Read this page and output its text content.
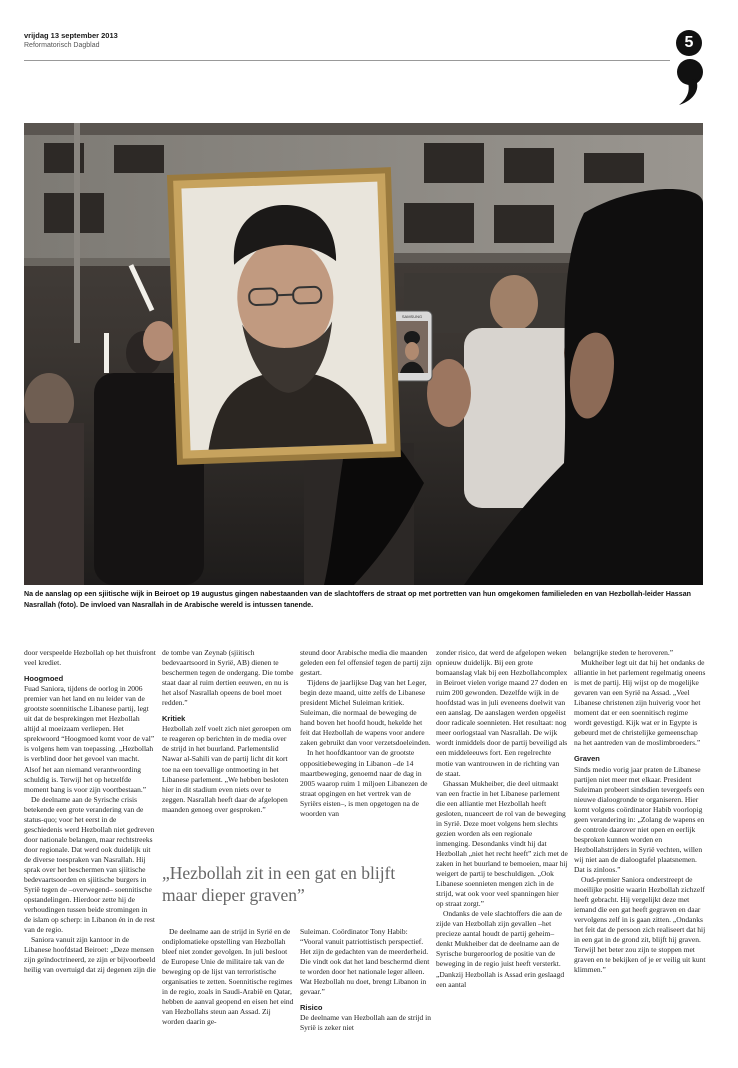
vrijdag 13 september 2013
Reformatorisch Dagblad	5
SAMSUNG
Na de aanslag op een sjiitische wijk in Beiroet op 19 augustus gingen nabestaanden van de slachtoffers de straat op met portretten van hun omgekomen familieleden en van Hezbollah-leider Hassan Nasrallah (foto). De invloed van Nasrallah in de Arabische wereld is intussen tanende.

door verspeelde Hezbollah op het thuisfront veel krediet.

Hoogmoed

Fuad Saniora, tijdens de oorlog in 2006 premier van het land en nu leider van de grootste soennitische Libanese partij, legt uit dat de besprekingen met Hezbollah altijd al moeizaam verliepen. Het sprekwoord “Hoogmoed komt voor de val” is volgens hem van toepassing. „Hezbollah is verblind door het gevoel van macht. Alsof het aan niemand verantwoording schuldig is. Terwijl het op hetzelfde moment bang is voor zijn voortbestaan.”

De deelname aan de Syrische crisis betekende een grote verandering van de status-quo; voor het eerst in de geschiedenis werd Hezbollah niet gedreven door nationale belangen, maar rechtstreeks door regionale. Dat werd ook duidelijk uit de diverse toespraken van Nasrallah. Hij sprak over het beschermen van sjiitische bedevaartsoorden en sjiitische burgers in Syrië tegen de –overwegend– soennitische opstandelingen. Hierdoor zette hij de verhoudingen tussen beide stromingen in de islam op scherp: in Libanon én in de rest van de regio.

Saniora vanuit zijn kantoor in de Libanese hoofdstad Beiroet: „Deze mensen zijn geïndoctrineerd, ze zijn er bijvoorbeeld heilig van overtuigd dat zij degenen zijn die

de tombe van Zeynab (sjiitisch bedevaartsoord in Syrië, AB) dienen te beschermen tegen de ondergang. Die tombe staat daar al ruim dertien eeuwen, en nu is het alsof Nasrallah opeens de boel moet redden.”

Kritiek

Hezbollah zelf voelt zich niet geroepen om te reageren op berichten in de media over de strijd in het buurland. Parlementslid Nawar al-Sahili van de partij licht dit kort toe na een toevallige ontmoeting in het Libanese parlement. „We hebben besloten hier in dit stadium even niets over te zeggen. Nasrallah heeft daar de afgelopen maanden genoeg over gesproken.”

steund door Arabische media die maanden geleden een fel offensief tegen de partij zijn gestart.

Tijdens de jaarlijkse Dag van het Leger, begin deze maand, uitte zelfs de Libanese president Michel Suleiman kritiek. Suleiman, die normaal de beweging de hand boven het hoofd houdt, hekelde het feit dat Hezbollah de wapens voor andere zaken gebruikt dan voor verzetsdoeleinden.

In het hoofdkantoor van de grootste oppositiebeweging in Libanon –de 14 maartbeweging, genoemd naar de dag in 2005 waarop ruim 1 miljoen Libanezen de straat opgingen en het vertrek van de Syriërs eisten–, is men opgetogen na de woorden van

„Hezbollah zit in een gat en blijft maar dieper graven”

De deelname aan de strijd in Syrië en de ondiplomatieke opstelling van Hezbollah bleef niet zonder gevolgen. In juli besloot de Europese Unie de militaire tak van de beweging op de lijst van terroristische organisaties te zetten. Soennitische regimes in de regio, zoals in Saudi-Arabië en Qatar, hebben de aanval geopend en eisen het eind van Hezbollahs steun aan Assad. Zij worden daarin ge-

Suleiman. Coördinator Tony Habib: “Vooral vanuit patriottistisch perspectief. Het zijn de gedachten van de meerderheid. Die vindt ook dat het land beschermd dient te worden door het nationale leger alleen. Wat Hezbollah nu doet, brengt Libanon in gevaar.”

Risico

De deelname van Hezbollah aan de strijd in Syrië is zeker niet

zonder risico, dat werd de afgelopen weken opnieuw duidelijk. Bij een grote bomaanslag vlak bij een Hezbollahcomplex in Beiroet vielen vorige maand 27 doden en ruim 200 gewonden. Dezelfde wijk in de hoofdstad was in juli eveneens doelwit van een aanslag. De aanslagen werden opgeëist door radicale soennieten. Het resultaat: nog meer oorlogstaal van Nasrallah. De wijk wordt inmiddels door de partij beveiligd als een middeleeuws fort. Een regelrechte motie van wantrouwen in de richting van de staat.

Ghassan Mukheiber, die deel uitmaakt van een fractie in het Libanese parlement die een alliantie met Hezbollah heeft gesloten, nuanceert de rol van de beweging in Syrië. Deze moet volgens hem slechts gezien worden als een regionale inmenging. Desondanks vindt hij dat Hezbollah „niet het recht heeft” zich met de zaken in het buurland te bemoeien, maar hij weigert de partij te beschuldigen. „Ook Libanese soennieten mengen zich in de strijd, wat ook voor veel spanningen hier op straat zorgt.”

Ondanks de vele slachtoffers die aan de zijde van Hezbollah zijn gevallen –het precieze aantal houdt de partij geheim– denkt Mukheiber dat de deelname aan de Syrische burgeroorlog de positie van de beweging in de regio juist heeft versterkt. „Dankzij Hezbollah is Assad erin geslaagd een aantal

belangrijke steden te heroveren.”

Mukheiber legt uit dat hij het ondanks de alliantie in het parlement regelmatig oneens is met de partij. Hij wijst op de mogelijke gevaren van een Syrië na Assad. „Veel Libanese christenen zijn huiverig voor het moment dat er een soennitisch regime wordt gevestigd. Kijk wat er in Egypte is gebeurd met de christelijke gemeenschap na het aantreden van de moslimbroeders.”

Graven

Sinds medio vorig jaar praten de Libanese partijen niet meer met elkaar. President Suleiman probeert sindsdien tevergeefs een nieuwe dialoogronde te organiseren. Hier komt volgens coördinator Habib voorlopig geen verandering in: „Zolang de wapens en de controle daarover niet open en eerlijk besproken kunnen worden en Hezbollahstrijders in Syrië vechten, willen wij niet aan de dialoogtafel plaatsnemen. Dat is zinloos.”

Oud-premier Saniora onderstreept de moeilijke positie waarin Hezbollah zichzelf heeft gebracht. Hij vergelijkt deze met iemand die een gat heeft gegraven en daar vervolgens zelf in is gaan zitten. „Ondanks het feit dat de persoon zich realiseert dat hij in een gat in de grond zit, blijft hij graven. Terwijl het beter zou zijn te stoppen met graven en te bekijken of je er veilig uit kunt klimmen.”
